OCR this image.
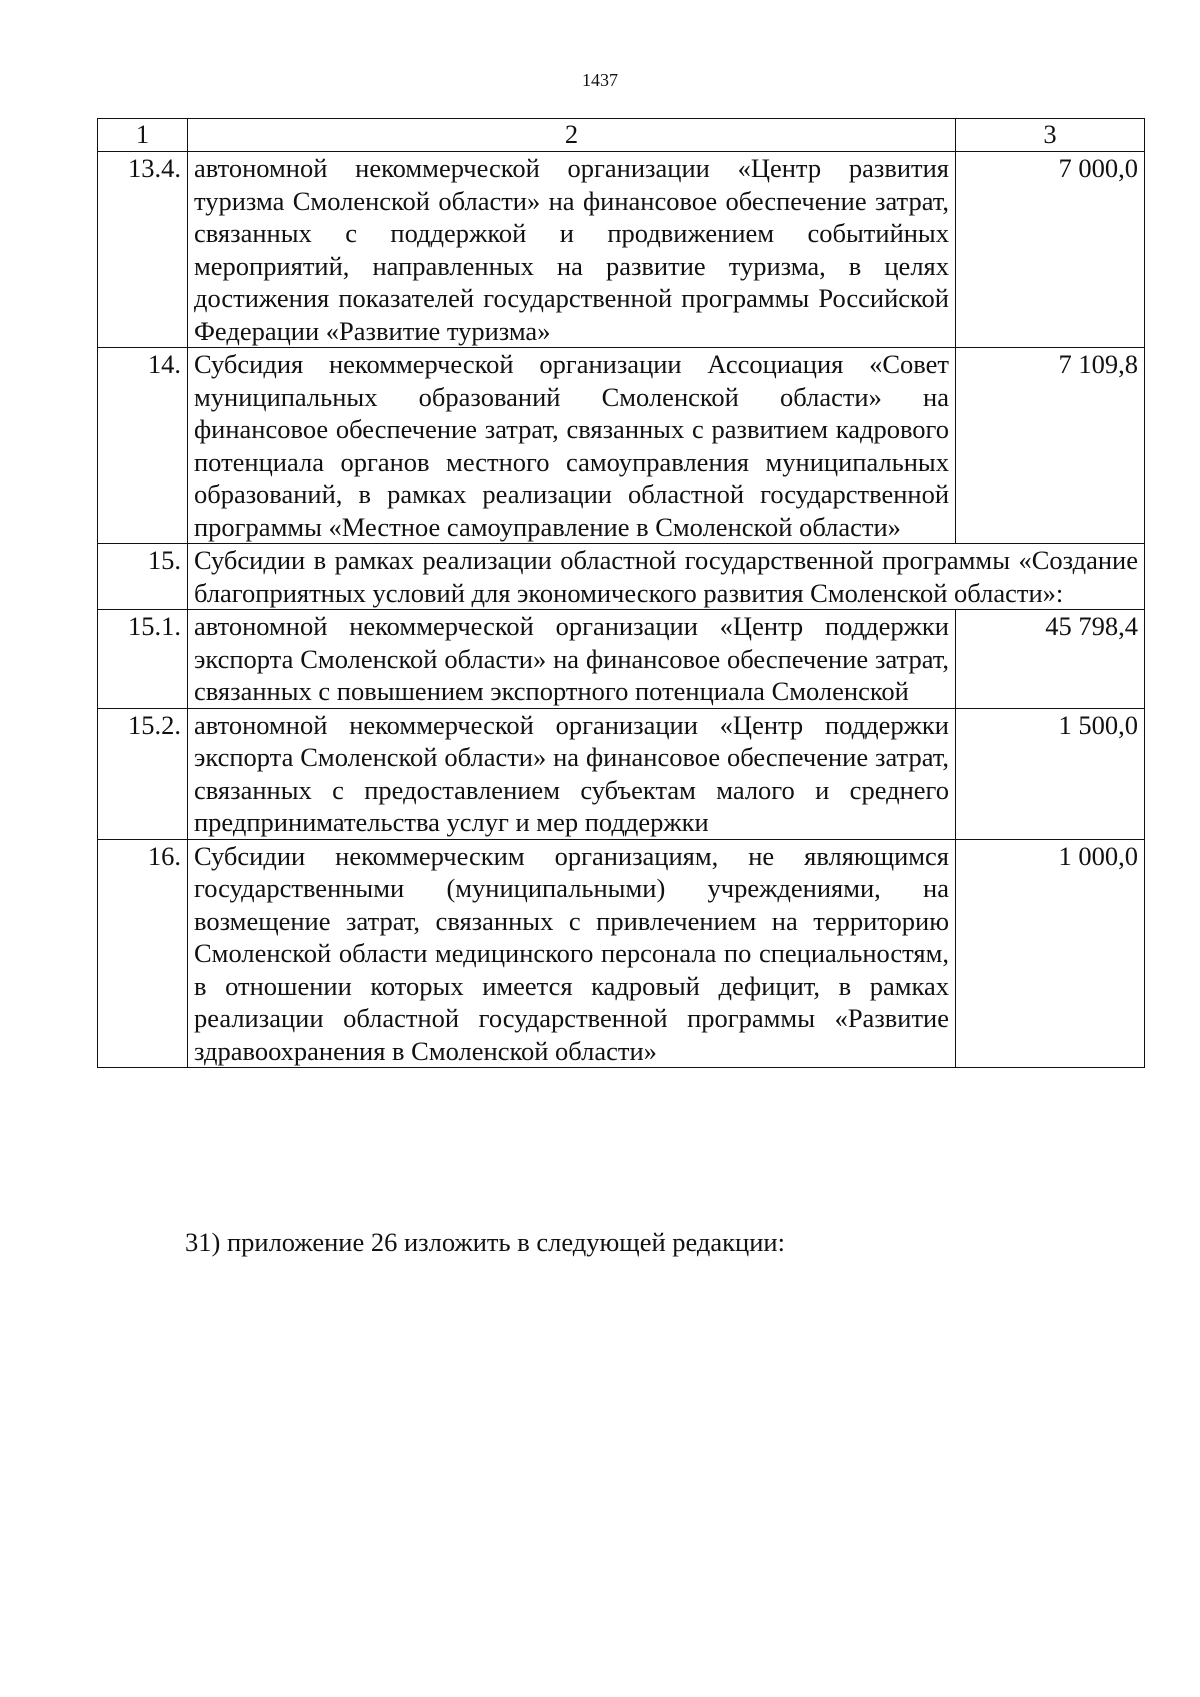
1437
1	2	3
13.4.	автономной некоммерческой организации «Центр развития туризма Смоленской области» на финансовое обеспечение затрат, связанных с поддержкой и продвижением событийных мероприятий, направленных на развитие туризма, в целях достижения показателей государственной программы Российской Федерации «Развитие туризма»	7 000,0
14.	Субсидия некоммерческой организации Ассоциация «Совет муниципальных образований Смоленской области» на финансовое обеспечение затрат, связанных с развитием кадрового потенциала органов местного самоуправления муниципальных образований, в рамках реализации областной государственной программы «Местное самоуправление в Смоленской области»	7 109,8
15.	Субсидии в рамках реализации областной государственной программы «Создание благоприятных условий для экономического развития Смоленской области»:	
15.1.	автономной некоммерческой организации «Центр поддержки экспорта Смоленской области» на финансовое обеспечение затрат, связанных с повышением экспортного потенциала Смоленской	45 798,4
15.2.	автономной некоммерческой организации «Центр поддержки экспорта Смоленской области» на финансовое обеспечение затрат, связанных с предоставлением субъектам малого и среднего предпринимательства услуг и мер поддержки	1 500,0
16.	Субсидии некоммерческим организациям, не являющимся государственными (муниципальными) учреждениями, на возмещение затрат, связанных с привлечением на территорию Смоленской области медицинского персонала по специальностям, в отношении которых имеется кадровый дефицит, в рамках реализации областной государственной программы «Развитие здравоохранения в Смоленской области»	1 000,0
31) приложение 26 изложить в следующей редакции:
